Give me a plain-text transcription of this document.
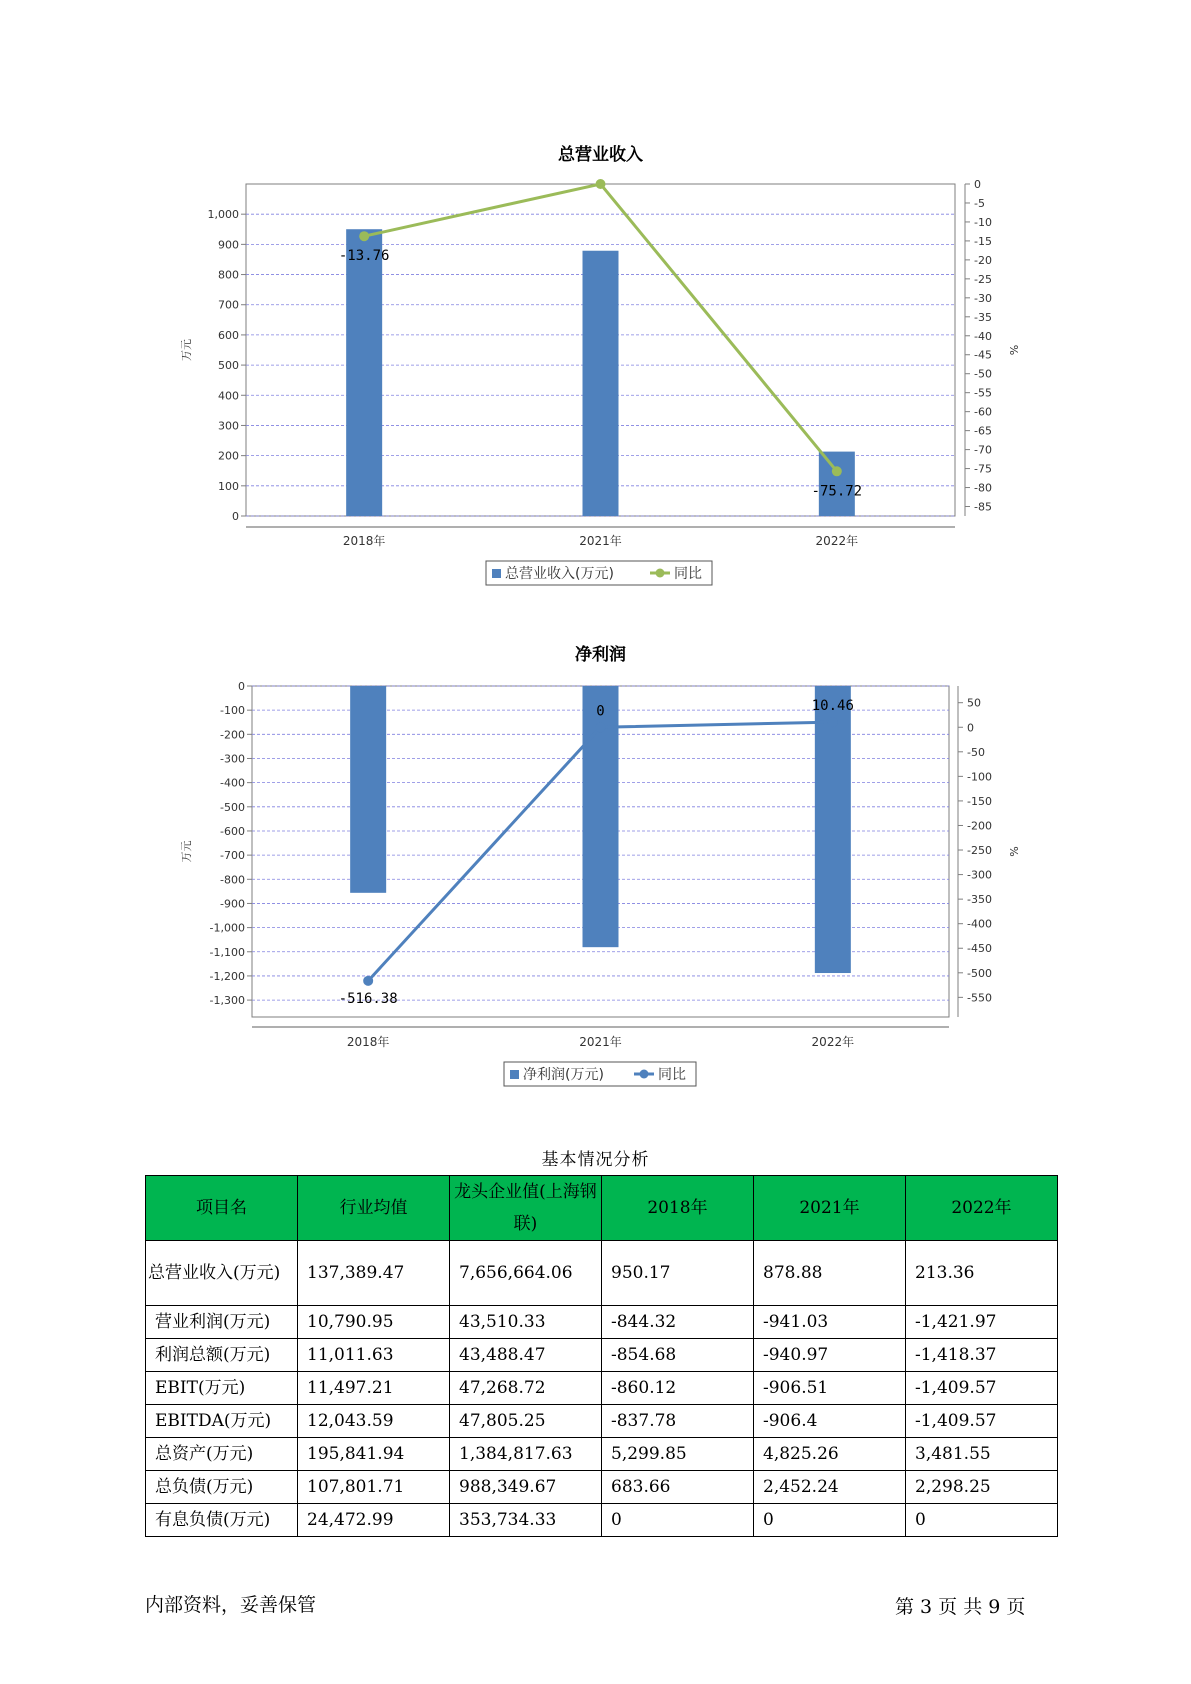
总营业收入
0
100
200
300
400
500
600
700
800
900
1,000
0
-5
-10
-15
-20
-25
-30
-35
-40
-45
-50
-55
-60
-65
-70
-75
-80
-85
万元	%
2018年	2021年	2022年
-13.76
-75.72
总营业收入(万元)	同比
净利润
0
-100
-200
-300
-400
-500
-600
-700
-800
-900
-1,000
-1,100
-1,200
-1,300
50
0
-50
-100
-150
-200
-250
-300
-350
-400
-450
-500
-550
万元	%
2018年	2021年	2022年
-516.38
0	10.46
净利润(万元)	同比
基本情况分析
项目名	行业均值	龙头企业值(上海钢联)	2018年	2021年	2022年
总营业收入(万元)	137,389.47	7,656,664.06	950.17	878.88	213.36
营业利润(万元)	10,790.95	43,510.33	-844.32	-941.03	-1,421.97
利润总额(万元)	11,011.63	43,488.47	-854.68	-940.97	-1,418.37
EBIT(万元)	11,497.21	47,268.72	-860.12	-906.51	-1,409.57
EBITDA(万元)	12,043.59	47,805.25	-837.78	-906.4	-1,409.57
总资产(万元)	195,841.94	1,384,817.63	5,299.85	4,825.26	3,481.55
总负债(万元)	107,801.71	988,349.67	683.66	2,452.24	2,298.25
有息负债(万元)	24,472.99	353,734.33	0	0	0
内部资料，妥善保管	第 3 页 共 9 页
